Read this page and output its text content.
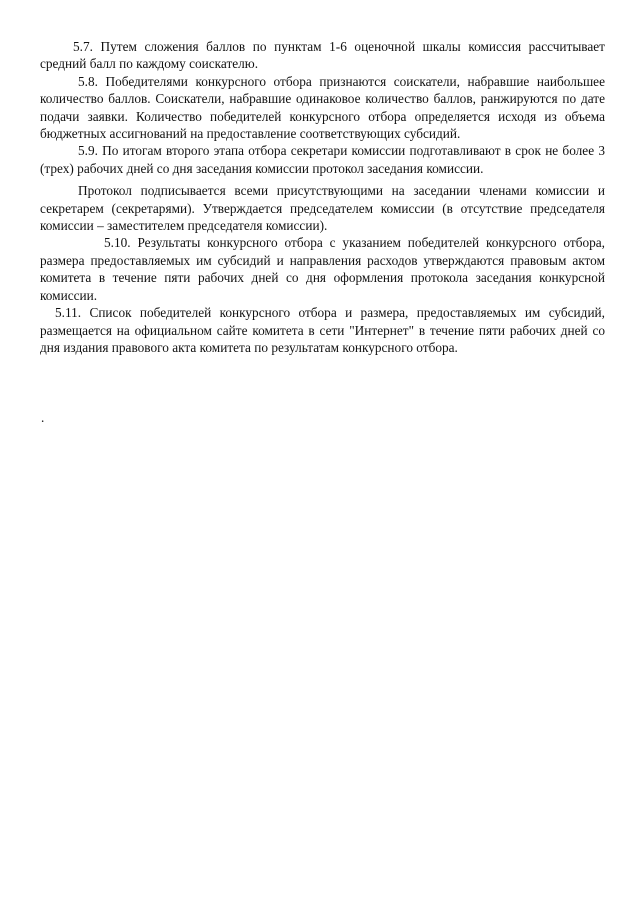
5.7. Путем сложения баллов по пунктам 1-6 оценочной шкалы комиссия рассчитывает средний балл по каждому соискателю.

5.8. Победителями конкурсного отбора признаются соискатели, набравшие наибольшее количество баллов. Соискатели, набравшие одинаковое количество баллов, ранжируются по дате подачи заявки. Количество победителей конкурсного отбора определяется исходя из объема бюджетных ассигнований на предоставление соответствующих субсидий.

5.9. По итогам второго этапа отбора секретари комиссии подготавливают в срок не более 3 (трех) рабочих дней со дня заседания комиссии протокол заседания комиссии.

Протокол подписывается всеми присутствующими на заседании членами комиссии и секретарем (секретарями). Утверждается председателем комиссии (в отсутствие председателя комиссии – заместителем председателя комиссии).

5.10. Результаты конкурсного отбора с указанием победителей конкурсного отбора, размера предоставляемых им субсидий и направления расходов утверждаются правовым актом комитета в течение пяти рабочих дней со дня оформления протокола заседания конкурсной комиссии.

5.11. Список победителей конкурсного отбора и размера, предоставляемых им субсидий, размещается на официальном сайте комитета в сети "Интернет" в течение пяти рабочих дней со дня издания правового акта комитета по результатам конкурсного отбора.

.
